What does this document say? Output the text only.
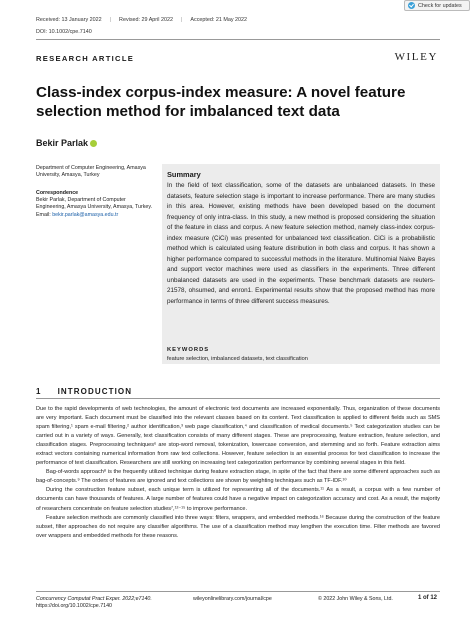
Received: 13 January 2022 | Revised: 29 April 2022 | Accepted: 21 May 2022
DOI: 10.1002/cpe.7140
Check for updates
RESEARCH ARTICLE	WILEY
Class-index corpus-index measure: A novel feature selection method for imbalanced text data
Bekir Parlak
Department of Computer Engineering, Amasya University, Amasya, Turkey
Correspondence
Bekir Parlak, Department of Computer Engineering, Amasya University, Amasya, Turkey.
Email: bekir.parlak@amasya.edu.tr
Summary
In the field of text classification, some of the datasets are unbalanced datasets. In these datasets, feature selection stage is important to increase performance. There are many studies in this area. However, existing methods have been developed based on the document frequency of only intra-class. In this study, a new method is proposed considering the situation of the feature in class and corpus. A new feature selection method, namely class-index corpus-index measure (CiCi) was presented for unbalanced text classification. CiCi is a probabilistic method which is calculated using feature distribution in both class and corpus. It has shown a higher performance compared to successful methods in the literature. Multinomial Naive Bayes and support vector machines were used as classifiers in the experiments. Three different unbalanced datasets are used in the experiments. These benchmark datasets are reuters-21578, ohsumed, and enron1. Experimental results show that the proposed method has more performance in terms of three different success measures.
KEYWORDS
feature selection, imbalanced datasets, text classification
1 INTRODUCTION

Due to the rapid developments of web technologies, the amount of electronic text documents are increased exponentially. Thus, organization of these documents are very important. Each document must be classified into the relevant classes based on its content. Text classification is applied to different fields such as SMS spam filtering,¹ spam e-mail filtering,² author identification,³ web page classification,⁴ and classification of medical documents.⁵ Text categorization studies can be carried out in a variety of ways. Generally, text classification consists of many different stages. These are preprocessing, feature extraction, feature selection, and classification stages. Preprocessing techniques⁶ are stop-word removal, tokenization, lowercase conversion, and stemming and so forth. Feature extraction aims extract vectors containing numerical information from raw text collections. However, feature selection is an essential process for text classification to increase the performance of text classification. Researchers are still working on increasing text categorization performance by combining several stages in this field.

Bag-of-words approach⁸ is the frequently utilized technique during feature extraction stage, in spite of the fact that there are some different approaches such as bag-of-concepts.⁹ The orders of features are ignored and text collections are shown by weighting techniques such as TF-IDF.¹⁰

During the construction feature subset, each unique term is utilized for representing all of the documents.¹¹ As a result, a corpus with a few number of documents can have thousands of features. A large number of features could have a negative impact on categorization accuracy and cost. As a result, the majority of researchers concentrate on feature selection studies⁷,¹²⁻¹⁵ to improve performance.

Feature selection methods are commonly classified into three ways: filters, wrappers, and embedded methods.¹⁶ Because during the construction of the feature subset, filter approaches do not require any classifier algorithms. The use of a classification method may lengthen the execution time. Filter methods are favored over wrappers and embedded methods for these reasons.

Concurrency Computat Pract Exper. 2022;e7140.
https://doi.org/10.1002/cpe.7140
wileyonlinelibrary.com/journal/cpe	© 2022 John Wiley & Sons, Ltd.	1 of 12
